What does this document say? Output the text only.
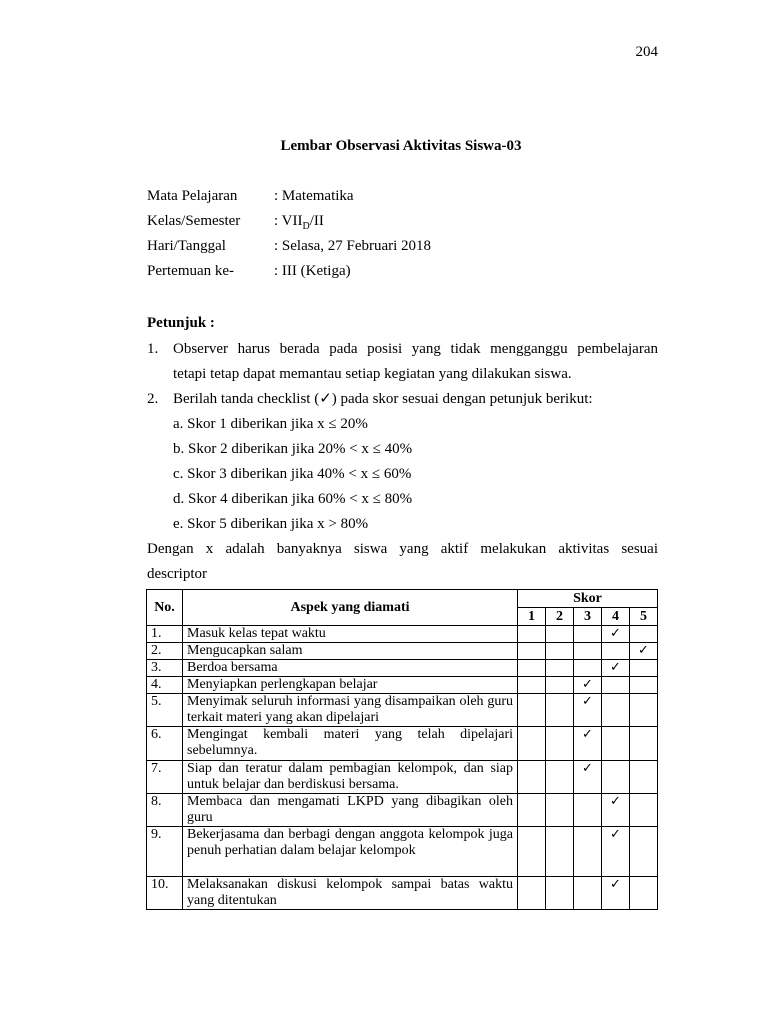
204
Lembar Observasi Aktivitas Siswa-03
Mata Pelajaran	: Matematika
Kelas/Semester	: $VII_D/II$
Hari/Tanggal	: Selasa, 27 Februari 2018
Pertemuan ke-	: III (Ketiga)
Petunjuk :
1. Observer harus berada pada posisi yang tidak mengganggu pembelajaran
tetapi tetap dapat memantau setiap kegiatan yang dilakukan siswa.
2. Berilah tanda checklist (✓) pada skor sesuai dengan petunjuk berikut:
a. Skor 1 diberikan jika x ≤ 20%
b. Skor 2 diberikan jika 20% < x ≤ 40%
c. Skor 3 diberikan jika 40% < x ≤ 60%
d. Skor 4 diberikan jika 60% < x ≤ 80%
e. Skor 5 diberikan jika x > 80%
Dengan x adalah banyaknya siswa yang aktif melakukan aktivitas sesuai
descriptor
No.	Aspek yang diamati	Skor				
		1	2	3	4	5
1.	Masuk kelas tepat waktu				✓	
2.	Mengucapkan salam					✓
3.	Berdoa bersama				✓	
4.	Menyiapkan perlengkapan belajar			✓		
5.	Menyimak seluruh informasi yang disampaikan oleh guru terkait materi yang akan dipelajari			✓		
6.	Mengingat kembali materi yang telah dipelajari sebelumnya.			✓		
7.	Siap dan teratur dalam pembagian kelompok, dan siap untuk belajar dan berdiskusi bersama.			✓		
8.	Membaca dan mengamati LKPD yang dibagikan oleh guru				✓	
9.	Bekerjasama dan berbagi dengan anggota kelompok juga penuh perhatian dalam belajar kelompok				✓	
10.	Melaksanakan diskusi kelompok sampai batas waktu yang ditentukan				✓	
